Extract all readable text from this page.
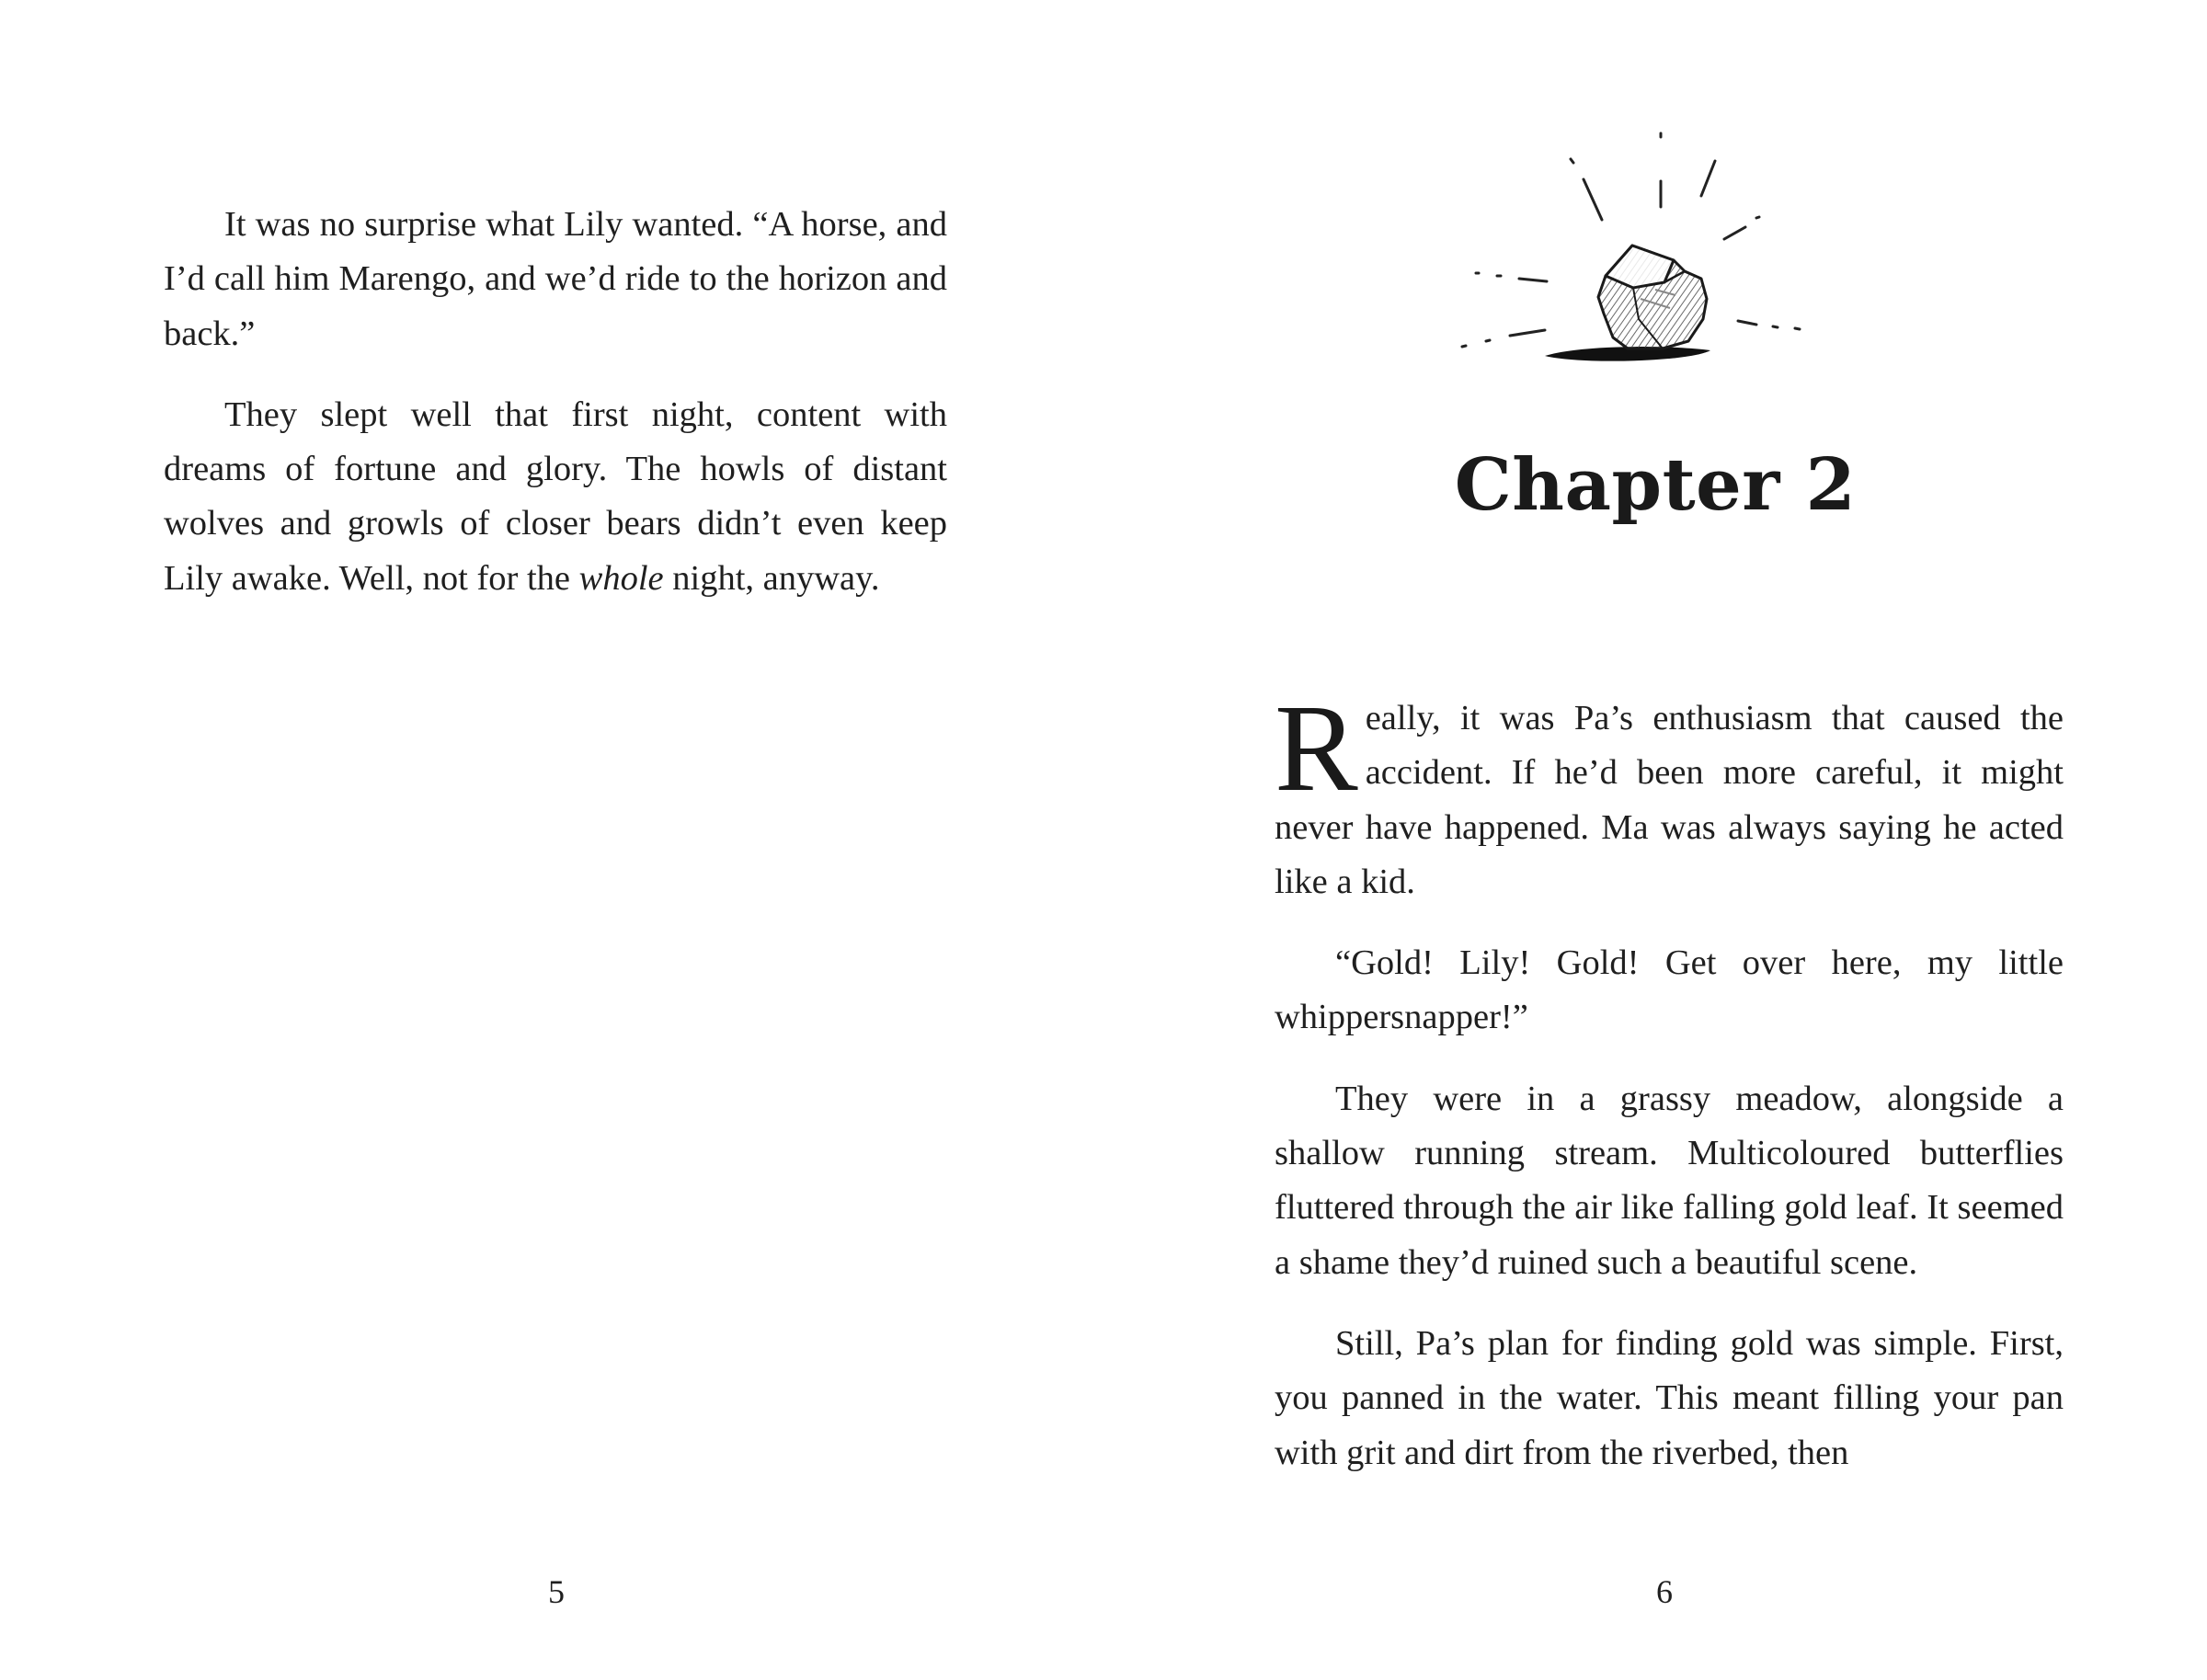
It was no surprise what Lily wanted. “A horse, and I’d call him Marengo, and we’d ride to the horizon and back.”

They slept well that first night, content with dreams of fortune and glory. The howls of distant wolves and growls of closer bears didn’t even keep Lily awake. Well, not for the whole night, anyway.

5
Chapter 2

Really, it was Pa’s enthusiasm that caused the accident. If he’d been more careful, it might never have happened. Ma was always saying he acted like a kid.

“Gold! Lily! Gold! Get over here, my little whippersnapper!”

They were in a grassy meadow, alongside a shallow running stream. Multicoloured butterflies fluttered through the air like falling gold leaf. It seemed a shame they’d ruined such a beautiful scene.

Still, Pa’s plan for finding gold was simple. First, you panned in the water. This meant filling your pan with grit and dirt from the riverbed, then

6
